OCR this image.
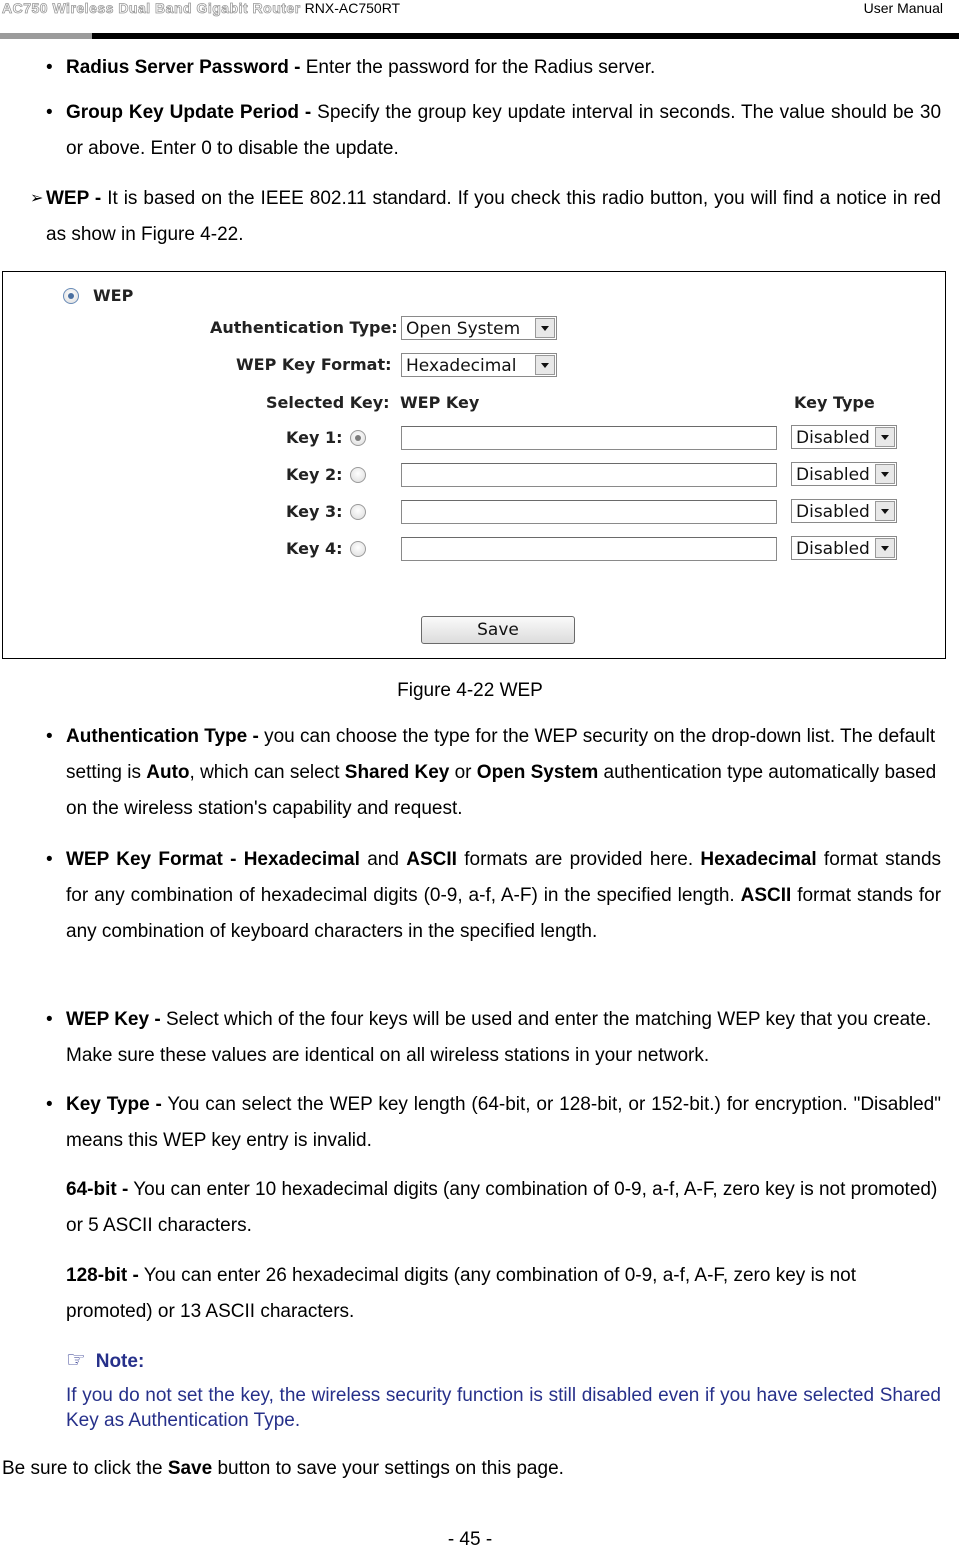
AC750 Wireless Dual Band Gigabit Router RNX-AC750RT	User Manual
• Radius Server Password - Enter the password for the Radius server.
• Group Key Update Period - Specify the group key update interval in seconds. The value should be 30 or above. Enter 0 to disable the update.
➢ WEP - It is based on the IEEE 802.11 standard. If you check this radio button, you will find a notice in red as show in Figure 4-22.
WEP
Authentication Type: Open System
WEP Key Format: Hexadecimal
Selected Key: WEP Key	Key Type
Key 1:	Disabled
Key 2:	Disabled
Key 3:	Disabled
Key 4:	Disabled
Save
Figure 4-22 WEP
• Authentication Type - you can choose the type for the WEP security on the drop-down list. The default setting is Auto, which can select Shared Key or Open System authentication type automatically based on the wireless station's capability and request.
• WEP Key Format - Hexadecimal and ASCII formats are provided here. Hexadecimal format stands for any combination of hexadecimal digits (0-9, a-f, A-F) in the specified length. ASCII format stands for any combination of keyboard characters in the specified length.
• WEP Key - Select which of the four keys will be used and enter the matching WEP key that you create. Make sure these values are identical on all wireless stations in your network.
• Key Type - You can select the WEP key length (64-bit, or 128-bit, or 152-bit.) for encryption. "Disabled" means this WEP key entry is invalid.
64-bit - You can enter 10 hexadecimal digits (any combination of 0-9, a-f, A-F, zero key is not promoted) or 5 ASCII characters.
128-bit - You can enter 26 hexadecimal digits (any combination of 0-9, a-f, A-F, zero key is not promoted) or 13 ASCII characters.
☞ Note:
If you do not set the key, the wireless security function is still disabled even if you have selected Shared Key as Authentication Type.
Be sure to click the Save button to save your settings on this page.
- 45 -
